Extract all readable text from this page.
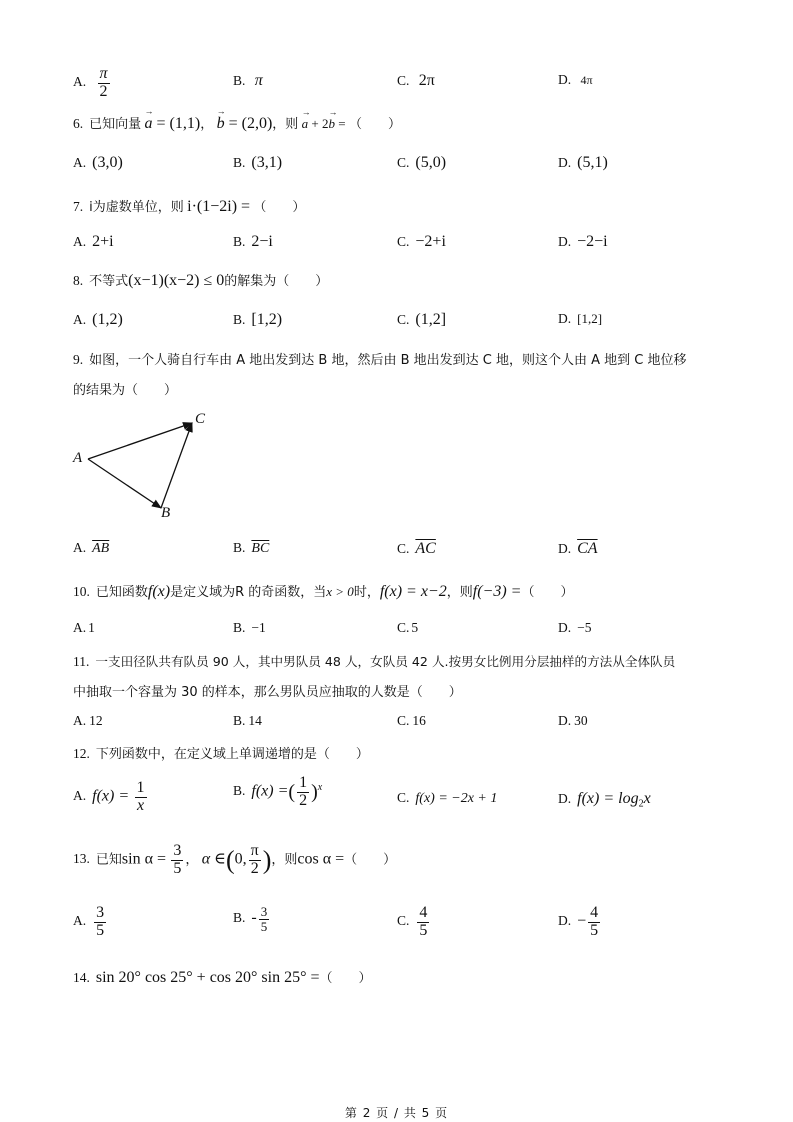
A. $\frac{\pi}{2}$	B. π	C. 2π	D. 4π
6. 已知向量 → a = (1,1)， → b = (2,0)，则 → a + 2→ b = （　　）
A. (3,0)	B. (3,1)	C. (5,0)	D. (5,1)
7. i为虚数单位，则 i·(1−2i) = （　　）
A. 2+i	B. 2−i	C. −2+i	D. −2−i
8. 不等式(x−1)(x−2) ≤ 0的解集为（　　）
A. (1,2)	B. [1,2)	C. (1,2]	D. [1,2]
9. 如图，一个人骑自行车由 A 地出发到达 B 地，然后由 B 地出发到达 C 地，则这个人由 A 地到 C 地位移
的结果为（　　）
A
B
C
A. $\overline{AB}$	B. $\overline{BC}$	C. $\overline{AC}$	D. $\overline{CA}$
10. 已知函数f(x)是定义域为R 的奇函数，当x > 0时，f(x) = x−2，则f(−3) =（　　）
A. 1	B. −1	C. 5	D. −5
11. 一支田径队共有队员 90 人，其中男队员 48 人，女队员 42 人.按男女比例用分层抽样的方法从全体队员
中抽取一个容量为 30 的样本，那么男队员应抽取的人数是（　　）
A. 12	B. 14	C. 16	D. 30
12. 下列函数中，在定义域上单调递增的是（　　）
A. $f(x) = \frac{1}{x}$	B. f(x) =( $\frac{1}{2} )^x$
C. f(x) = −2x + 1	D. $f(x) = \log_2x$
13. 已知$\sin \alpha = \frac{3}{5}$ ， α ∈(0, $\frac{\pi}{2}$ )，则cos α =（　　）
A. $\frac{3}{5}$	B. - $\frac{3}{5}$	C. $\frac{4}{5}$	D. − $\frac{4}{5}$
14. sin 20° cos 25° + cos 20° sin 25° =（　　）
第 2 页 / 共 5 页
